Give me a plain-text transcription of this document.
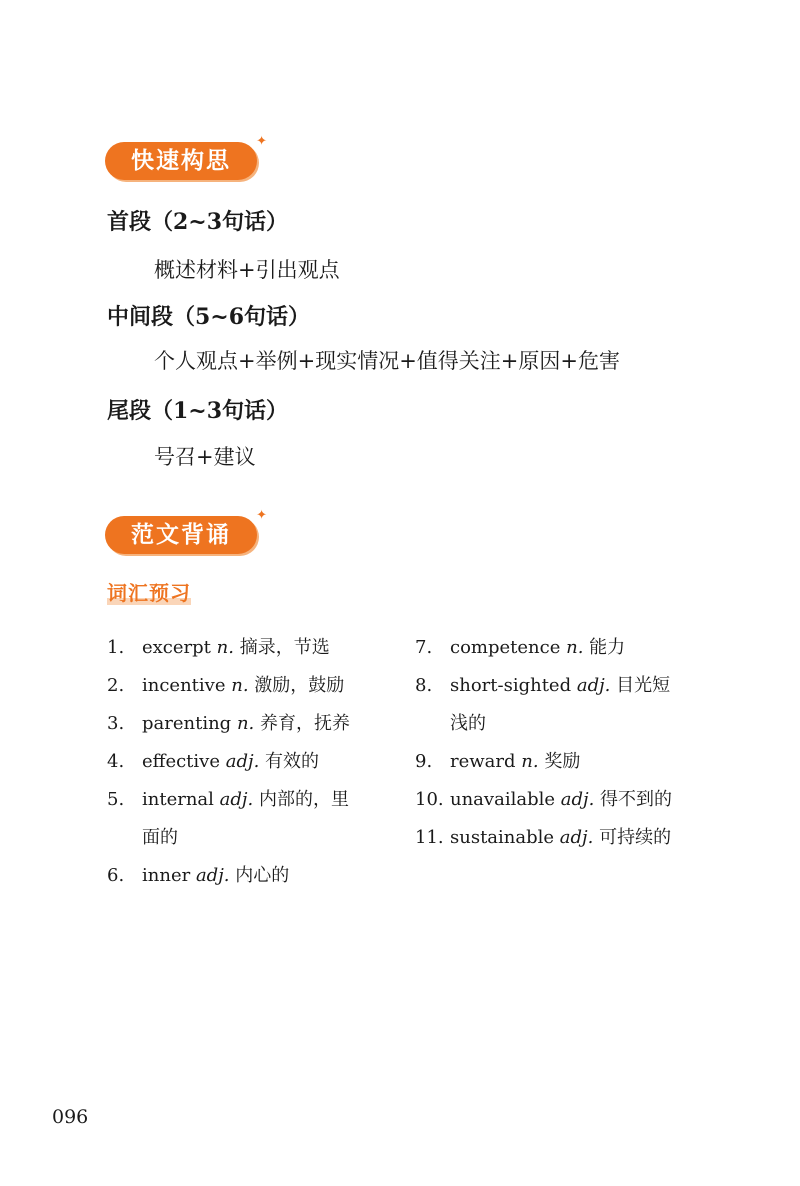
快速构思
✦
首段（2~3句话）
概述材料+引出观点
中间段（5~6句话）
个人观点+举例+现实情况+值得关注+原因+危害
尾段（1~3句话）
号召+建议
范文背诵
✦
词汇预习
1. excerpt n. 摘录，节选
2. incentive n. 激励，鼓励
3. parenting n. 养育，抚养
4. effective adj. 有效的
5. internal adj. 内部的，里
面的
6. inner adj. 内心的
7. competence n. 能力
8. short-sighted adj. 目光短
浅的
9. reward n. 奖励
10. unavailable adj. 得不到的
11. sustainable adj. 可持续的
096
